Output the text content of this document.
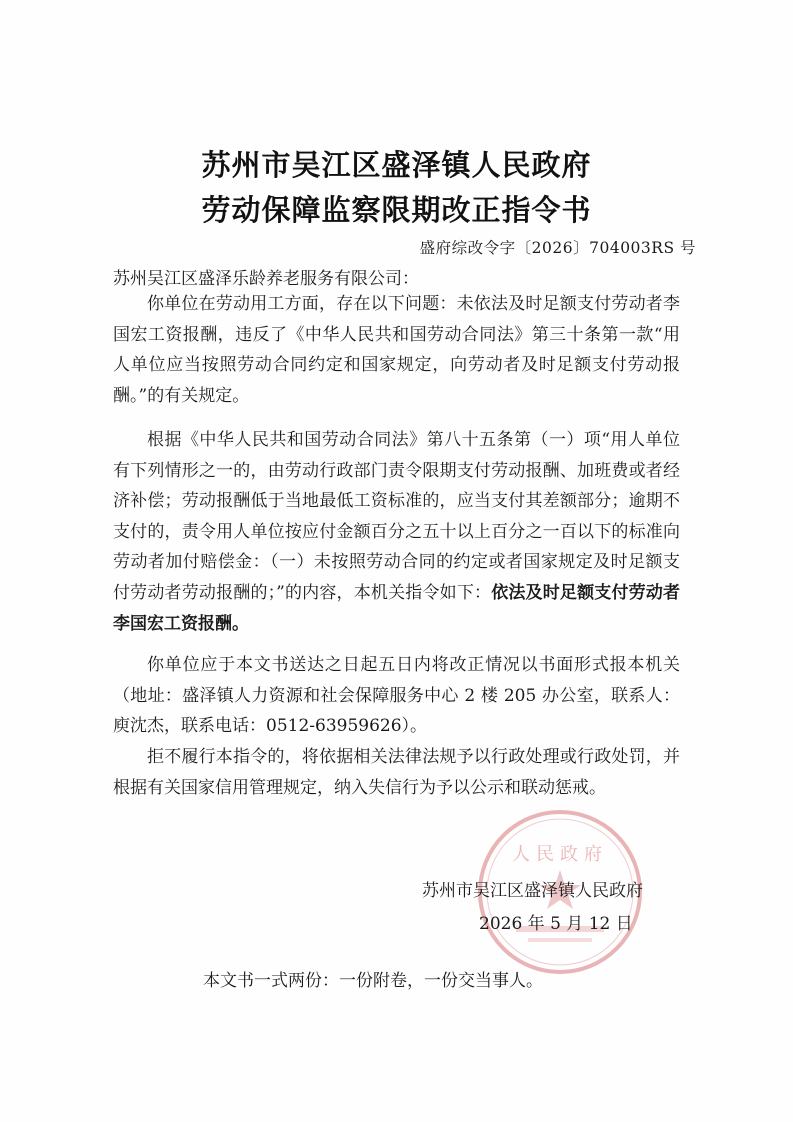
苏州市吴江区盛泽镇人民政府
劳动保障监察限期改正指令书
盛府综改令字〔2026〕704003RS 号
苏州吴江区盛泽乐龄养老服务有限公司：
你单位在劳动用工方面，存在以下问题：未依法及时足额支付劳动者李国宏工资报酬，违反了《中华人民共和国劳动合同法》第三十条第一款“用人单位应当按照劳动合同约定和国家规定，向劳动者及时足额支付劳动报酬。”的有关规定。
根据《中华人民共和国劳动合同法》第八十五条第（一）项“用人单位有下列情形之一的，由劳动行政部门责令限期支付劳动报酬、加班费或者经济补偿；劳动报酬低于当地最低工资标准的，应当支付其差额部分；逾期不支付的，责令用人单位按应付金额百分之五十以上百分之一百以下的标准向劳动者加付赔偿金：（一）未按照劳动合同的约定或者国家规定及时足额支付劳动者劳动报酬的；”的内容，本机关指令如下：依法及时足额支付劳动者李国宏工资报酬。
你单位应于本文书送达之日起五日内将改正情况以书面形式报本机关（地址：盛泽镇人力资源和社会保障服务中心 2 楼 205 办公室，联系人：庾沈杰，联系电话：0512-63959626）。
拒不履行本指令的，将依据相关法律法规予以行政处理或行政处罚，并根据有关国家信用管理规定，纳入失信行为予以公示和联动惩戒。
人民政府
苏州市吴江区盛泽镇人民政府
2026 年 5 月 12 日
本文书一式两份：一份附卷，一份交当事人。
